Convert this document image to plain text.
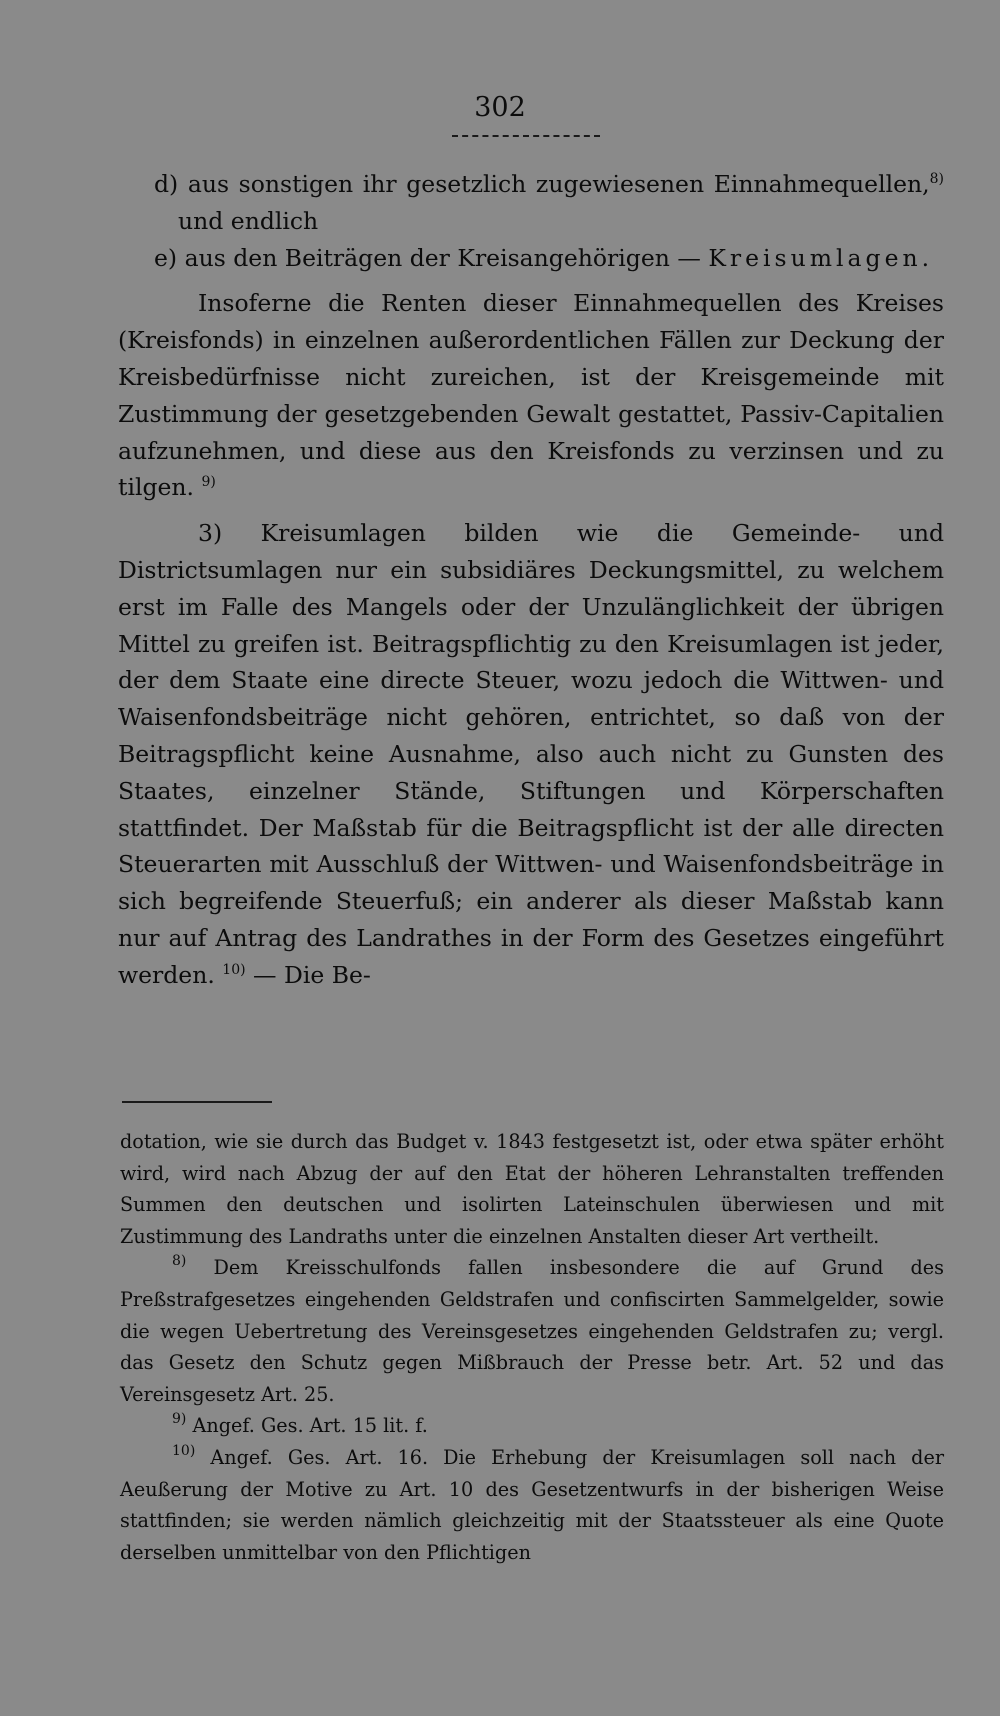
302

d) aus sonstigen ihr gesetzlich zugewiesenen Einnahmequellen,$^{8)}$ und endlich

e) aus den Beiträgen der Kreisangehörigen — Kreisumlagen.

Insoferne die Renten dieser Einnahmequellen des Kreises (Kreisfonds) in einzelnen außerordentlichen Fällen zur Deckung der Kreisbedürfnisse nicht zureichen, ist der Kreisgemeinde mit Zustimmung der gesetzgebenden Gewalt gestattet, Passiv-Capitalien aufzunehmen, und diese aus den Kreisfonds zu verzinsen und zu tilgen. $^{9)}$

3) Kreisumlagen bilden wie die Gemeinde- und Districtsumlagen nur ein subsidiäres Deckungsmittel, zu welchem erst im Falle des Mangels oder der Unzulänglichkeit der übrigen Mittel zu greifen ist. Beitragspflichtig zu den Kreisumlagen ist jeder, der dem Staate eine directe Steuer, wozu jedoch die Wittwen- und Waisenfondsbeiträge nicht gehören, entrichtet, so daß von der Beitragspflicht keine Ausnahme, also auch nicht zu Gunsten des Staates, einzelner Stände, Stiftungen und Körperschaften stattfindet. Der Maßstab für die Beitragspflicht ist der alle directen Steuerarten mit Ausschluß der Wittwen- und Waisenfondsbeiträge in sich begreifende Steuerfuß; ein anderer als dieser Maßstab kann nur auf Antrag des Landrathes in der Form des Gesetzes eingeführt werden. $^{10)}$ — Die Be-

dotation, wie sie durch das Budget v. 1843 festgesetzt ist, oder etwa später erhöht wird, wird nach Abzug der auf den Etat der höheren Lehranstalten treffenden Summen den deutschen und isolirten Lateinschulen überwiesen und mit Zustimmung des Landraths unter die einzelnen Anstalten dieser Art vertheilt.

$^{8)}$ Dem Kreisschulfonds fallen insbesondere die auf Grund des Preßstrafgesetzes eingehenden Geldstrafen und confiscirten Sammelgelder, sowie die wegen Uebertretung des Vereinsgesetzes eingehenden Geldstrafen zu; vergl. das Gesetz den Schutz gegen Mißbrauch der Presse betr. Art. 52 und das Vereinsgesetz Art. 25.

$^{9)}$ Angef. Ges. Art. 15 lit. f.

$^{10)}$ Angef. Ges. Art. 16. Die Erhebung der Kreisumlagen soll nach der Aeußerung der Motive zu Art. 10 des Gesetzentwurfs in der bisherigen Weise stattfinden; sie werden nämlich gleichzeitig mit der Staatssteuer als eine Quote derselben unmittelbar von den Pflichtigen
